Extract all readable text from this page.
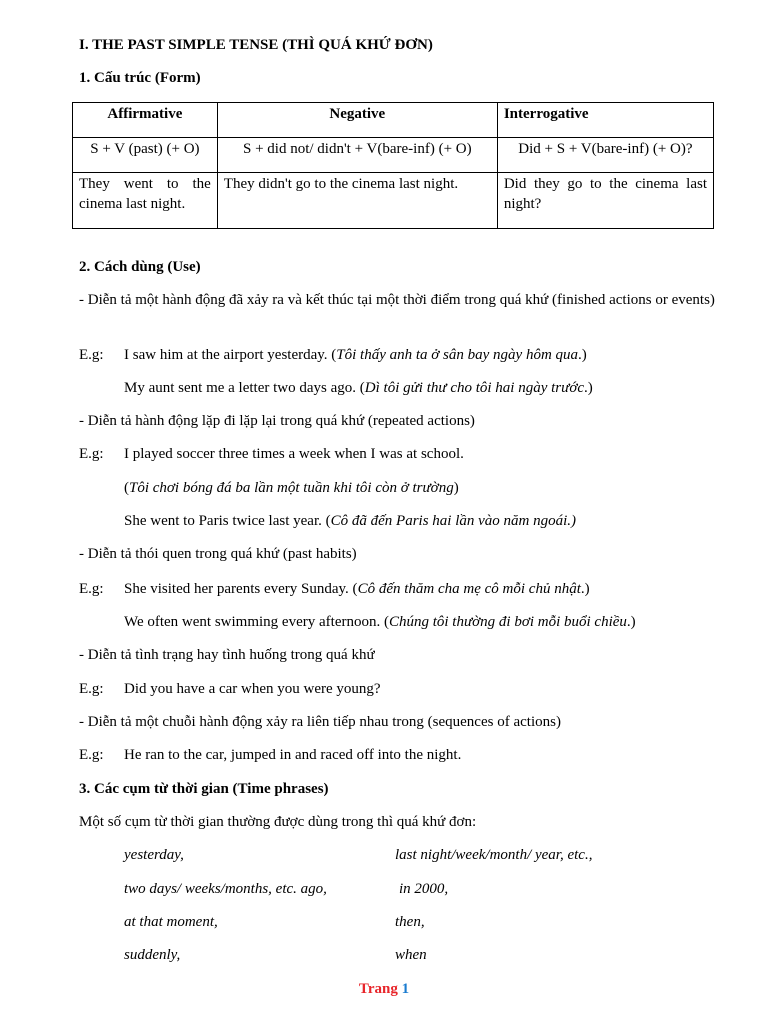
I. THE PAST SIMPLE TENSE (THÌ QUÁ KHỨ ĐƠN)
1. Cấu trúc (Form)
Affirmative	Negative	Interrogative
S + V (past) (+ O)	S + did not/ didn't + V(bare-inf) (+ O)	Did + S + V(bare-inf) (+ O)?
They went to the cinema last night.	They didn't go to the cinema last night.	Did they go to the cinema last night?
2. Cách dùng (Use)
- Diễn tả một hành động đã xảy ra và kết thúc tại một thời điểm trong quá khứ (finished actions or events)
E.g: I saw him at the airport yesterday. (Tôi thấy anh ta ở sân bay ngày hôm qua.)
My aunt sent me a letter two days ago. (Dì tôi gửi thư cho tôi hai ngày trước.)
- Diễn tả hành động lặp đi lặp lại trong quá khứ (repeated actions)
E.g: I played soccer three times a week when I was at school.
(Tôi chơi bóng đá ba lần một tuần khi tôi còn ở trường)
She went to Paris twice last year. (Cô đã đến Paris hai lần vào năm ngoái.)
- Diễn tả thói quen trong quá khứ (past habits)
E.g: She visited her parents every Sunday. (Cô đến thăm cha mẹ cô mỗi chủ nhật.)
We often went swimming every afternoon. (Chúng tôi thường đi bơi mỗi buổi chiều.)
- Diễn tả tình trạng hay tình huống trong quá khứ
E.g: Did you have a car when you were young?
- Diễn tả một chuỗi hành động xảy ra liên tiếp nhau trong (sequences of actions)
E.g: He ran to the car, jumped in and raced off into the night.
3. Các cụm từ thời gian (Time phrases)
Một số cụm từ thời gian thường được dùng trong thì quá khứ đơn:
yesterday,	last night/week/month/ year, etc.,
two days/ weeks/months, etc. ago,	in 2000,
at that moment,	then,
suddenly,	when
Trang 1
